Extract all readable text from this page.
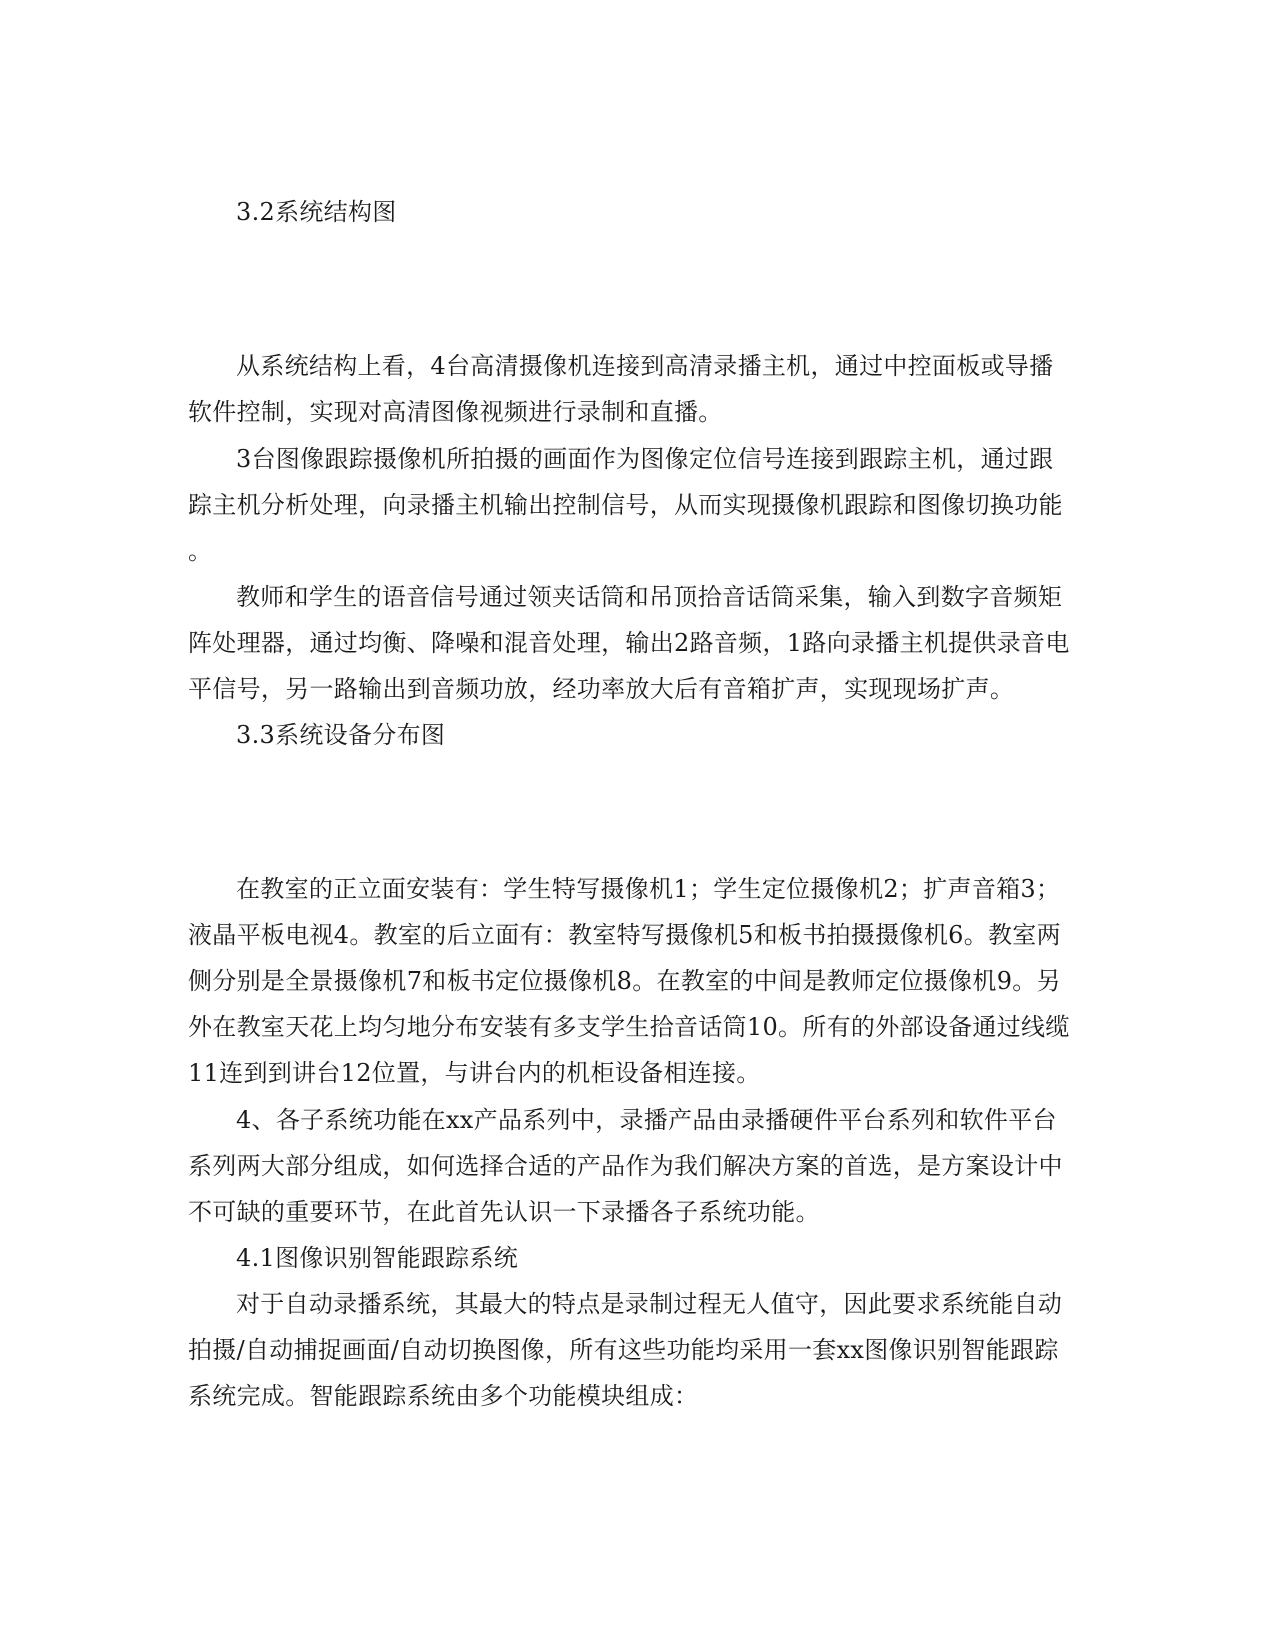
3.2系统结构图
从系统结构上看，4台高清摄像机连接到高清录播主机，通过中控面板或导播
软件控制，实现对高清图像视频进行录制和直播。
3台图像跟踪摄像机所拍摄的画面作为图像定位信号连接到跟踪主机，通过跟
踪主机分析处理，向录播主机输出控制信号，从而实现摄像机跟踪和图像切换功能
。
教师和学生的语音信号通过领夹话筒和吊顶拾音话筒采集，输入到数字音频矩
阵处理器，通过均衡、降噪和混音处理，输出2路音频，1路向录播主机提供录音电
平信号，另一路输出到音频功放，经功率放大后有音箱扩声，实现现场扩声。
3.3系统设备分布图
在教室的正立面安装有：学生特写摄像机1；学生定位摄像机2；扩声音箱3；
液晶平板电视4。教室的后立面有：教室特写摄像机5和板书拍摄摄像机6。教室两
侧分别是全景摄像机7和板书定位摄像机8。在教室的中间是教师定位摄像机9。另
外在教室天花上均匀地分布安装有多支学生拾音话筒10。所有的外部设备通过线缆
11连到到讲台12位置，与讲台内的机柜设备相连接。
4、各子系统功能在xx产品系列中，录播产品由录播硬件平台系列和软件平台
系列两大部分组成，如何选择合适的产品作为我们解决方案的首选，是方案设计中
不可缺的重要环节，在此首先认识一下录播各子系统功能。
4.1图像识别智能跟踪系统
对于自动录播系统，其最大的特点是录制过程无人值守，因此要求系统能自动
拍摄/自动捕捉画面/自动切换图像，所有这些功能均采用一套xx图像识别智能跟踪
系统完成。智能跟踪系统由多个功能模块组成：
